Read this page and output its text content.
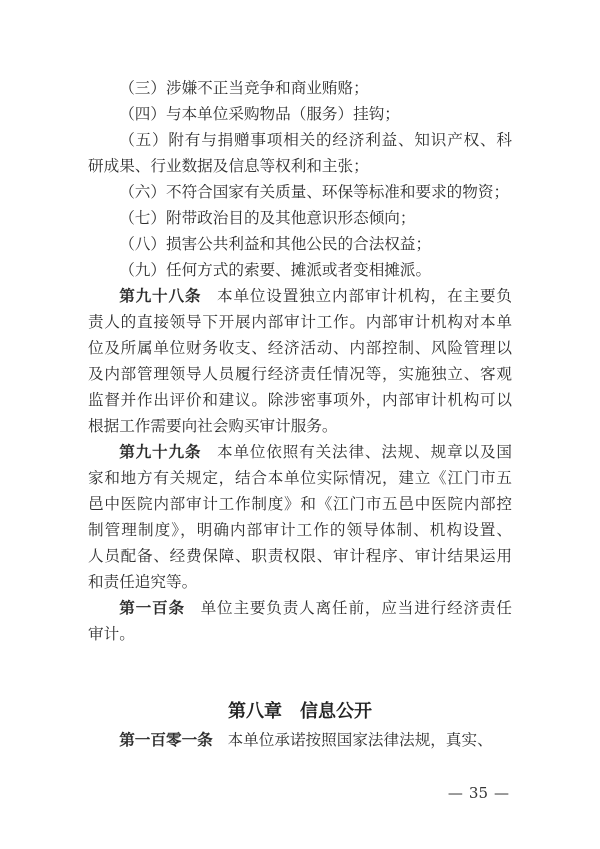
（三）涉嫌不正当竞争和商业贿赂；
（四）与本单位采购物品（服务）挂钩；
（五）附有与捐赠事项相关的经济利益、知识产权、科
研成果、行业数据及信息等权利和主张；
（六）不符合国家有关质量、环保等标准和要求的物资；
（七）附带政治目的及其他意识形态倾向；
（八）损害公共利益和其他公民的合法权益；
（九）任何方式的索要、摊派或者变相摊派。
第九十八条 本单位设置独立内部审计机构，在主要负
责人的直接领导下开展内部审计工作。内部审计机构对本单
位及所属单位财务收支、经济活动、内部控制、风险管理以
及内部管理领导人员履行经济责任情况等，实施独立、客观
监督并作出评价和建议。除涉密事项外，内部审计机构可以
根据工作需要向社会购买审计服务。
第九十九条 本单位依照有关法律、法规、规章以及国
家和地方有关规定，结合本单位实际情况，建立《江门市五
邑中医院内部审计工作制度》和《江门市五邑中医院内部控
制管理制度》，明确内部审计工作的领导体制、机构设置、
人员配备、经费保障、职责权限、审计程序、审计结果运用
和责任追究等。
第一百条 单位主要负责人离任前，应当进行经济责任
审计。
第八章　信息公开
第一百零一条 本单位承诺按照国家法律法规，真实、
— 35 —
